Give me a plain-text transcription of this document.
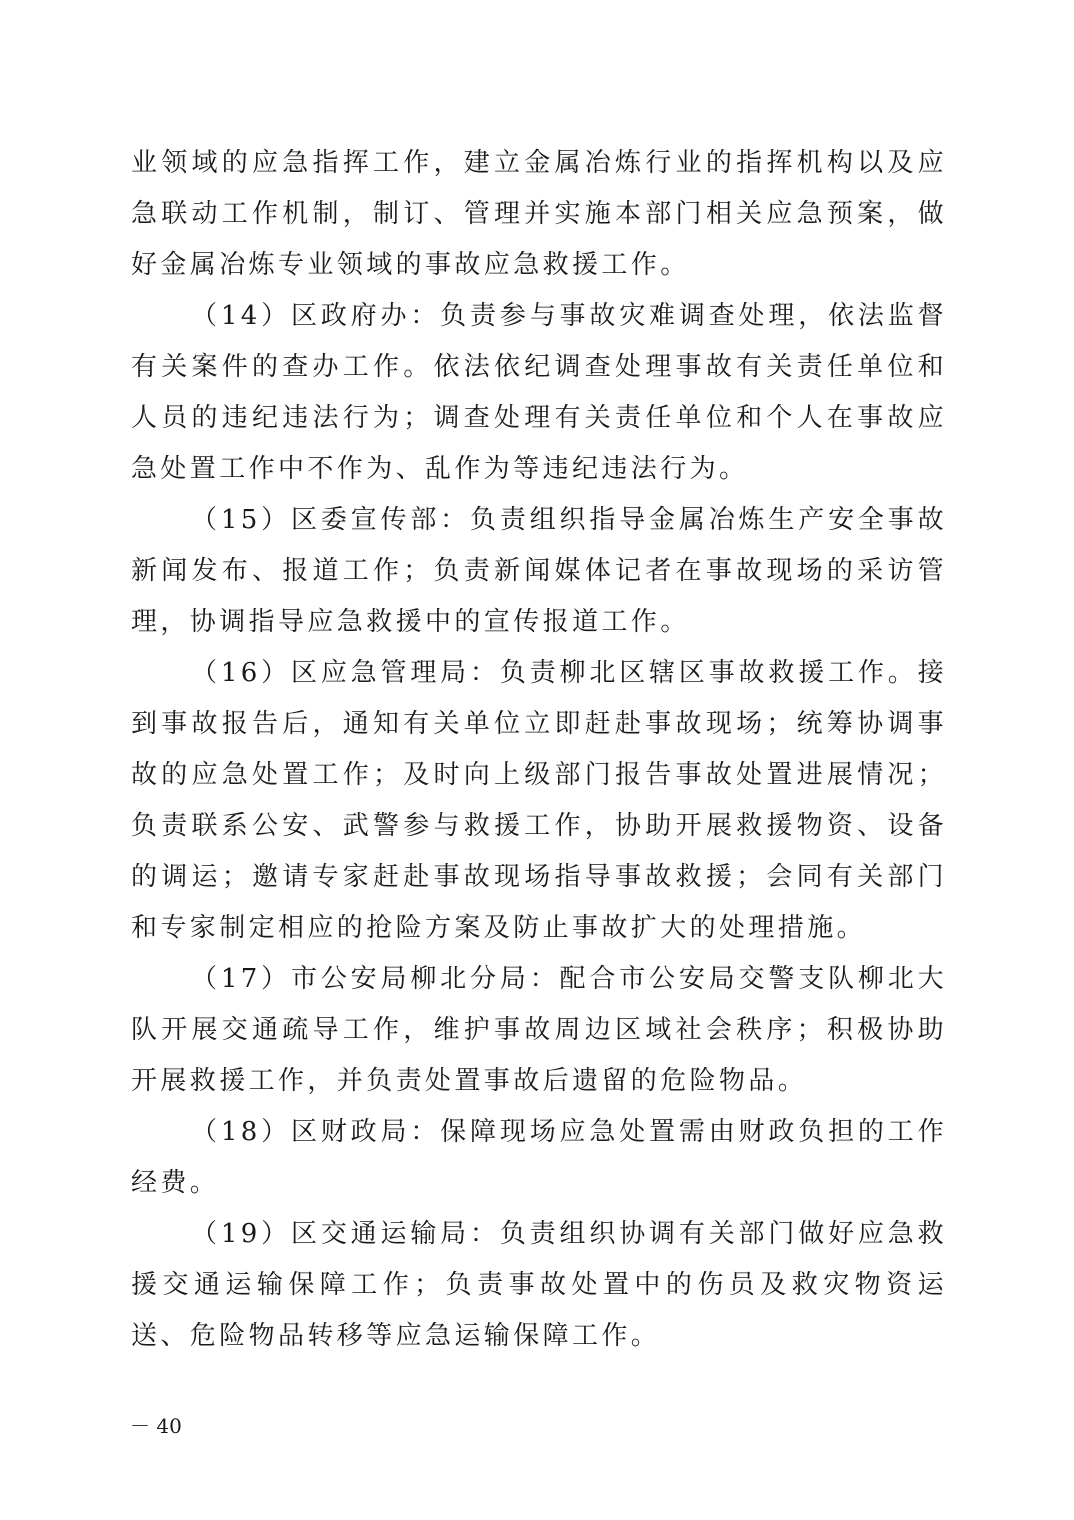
业领域的应急指挥工作，建立金属冶炼行业的指挥机构以及应急联动工作机制，制订、管理并实施本部门相关应急预案，做好金属冶炼专业领域的事故应急救援工作。

（14）区政府办：负责参与事故灾难调查处理，依法监督有关案件的查办工作。依法依纪调查处理事故有关责任单位和人员的违纪违法行为；调查处理有关责任单位和个人在事故应急处置工作中不作为、乱作为等违纪违法行为。

（15）区委宣传部：负责组织指导金属冶炼生产安全事故新闻发布、报道工作；负责新闻媒体记者在事故现场的采访管理，协调指导应急救援中的宣传报道工作。

（16）区应急管理局：负责柳北区辖区事故救援工作。接到事故报告后，通知有关单位立即赶赴事故现场；统筹协调事故的应急处置工作；及时向上级部门报告事故处置进展情况；负责联系公安、武警参与救援工作，协助开展救援物资、设备的调运；邀请专家赶赴事故现场指导事故救援；会同有关部门和专家制定相应的抢险方案及防止事故扩大的处理措施。

（17）市公安局柳北分局：配合市公安局交警支队柳北大队开展交通疏导工作，维护事故周边区域社会秩序；积极协助开展救援工作，并负责处置事故后遗留的危险物品。

（18）区财政局：保障现场应急处置需由财政负担的工作经费。

（19）区交通运输局：负责组织协调有关部门做好应急救援交通运输保障工作；负责事故处置中的伤员及救灾物资运送、危险物品转移等应急运输保障工作。

－ 40
